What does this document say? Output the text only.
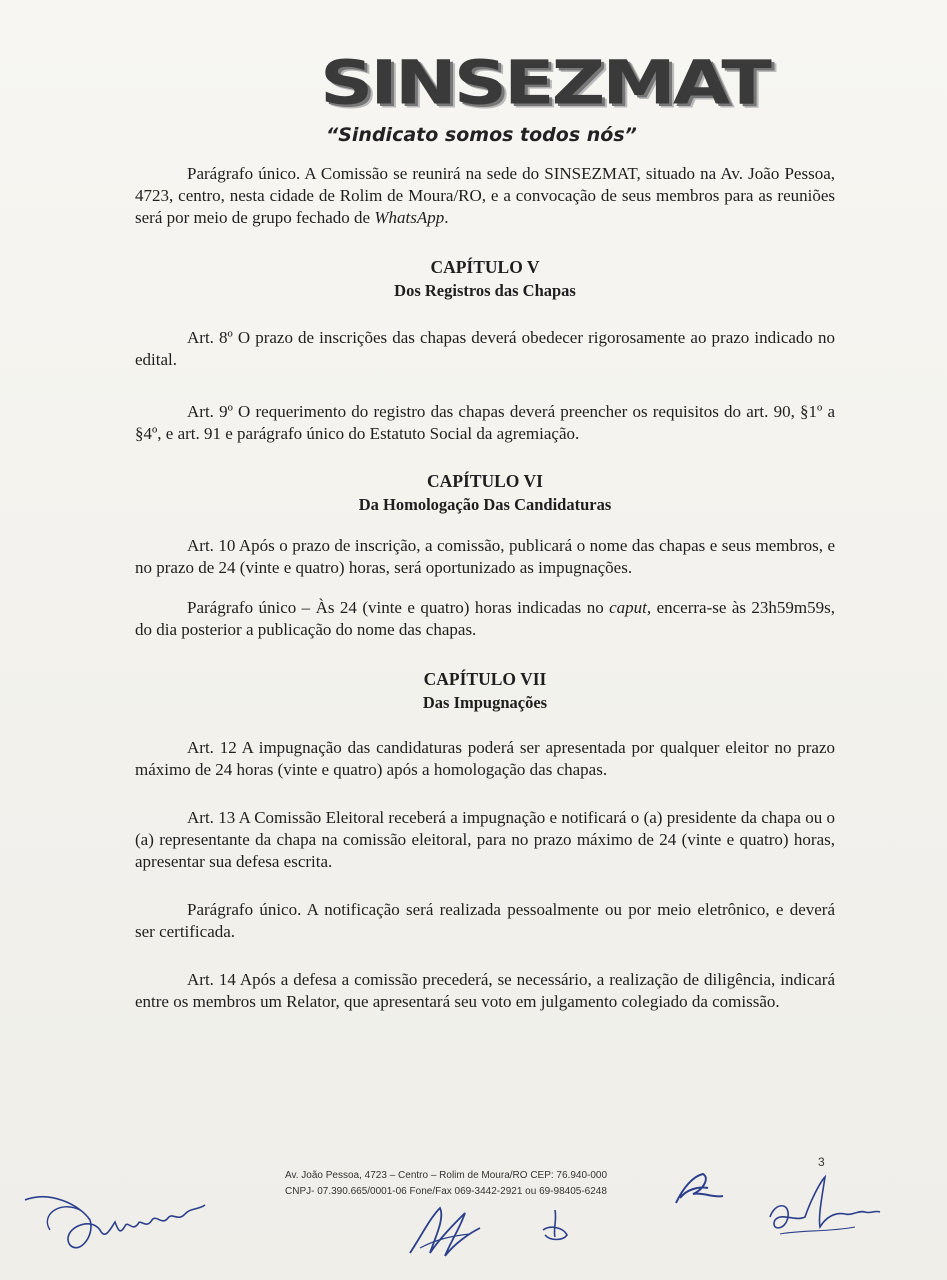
SINSEZMAT
“Sindicato somos todos nós”

Parágrafo único. A Comissão se reunirá na sede do SINSEZMAT, situado na Av. João Pessoa, 4723, centro, nesta cidade de Rolim de Moura/RO, e a convocação de seus membros para as reuniões será por meio de grupo fechado de WhatsApp.

CAPÍTULO V
Dos Registros das Chapas

Art. 8º O prazo de inscrições das chapas deverá obedecer rigorosamente ao prazo indicado no edital.

Art. 9º O requerimento do registro das chapas deverá preencher os requisitos do art. 90, §1º a §4º, e art. 91 e parágrafo único do Estatuto Social da agremiação.

CAPÍTULO VI
Da Homologação Das Candidaturas

Art. 10 Após o prazo de inscrição, a comissão, publicará o nome das chapas e seus membros, e no prazo de 24 (vinte e quatro) horas, será oportunizado as impugnações.

Parágrafo único – Às 24 (vinte e quatro) horas indicadas no caput, encerra-se às 23h59m59s, do dia posterior a publicação do nome das chapas.

CAPÍTULO VII
Das Impugnações

Art. 12 A impugnação das candidaturas poderá ser apresentada por qualquer eleitor no prazo máximo de 24 horas (vinte e quatro) após a homologação das chapas.

Art. 13 A Comissão Eleitoral receberá a impugnação e notificará o (a) presidente da chapa ou o (a) representante da chapa na comissão eleitoral, para no prazo máximo de 24 (vinte e quatro) horas, apresentar sua defesa escrita.

Parágrafo único. A notificação será realizada pessoalmente ou por meio eletrônico, e deverá ser certificada.

Art. 14 Após a defesa a comissão precederá, se necessário, a realização de diligência, indicará entre os membros um Relator, que apresentará seu voto em julgamento colegiado da comissão.

Av. João Pessoa, 4723 – Centro – Rolim de Moura/RO CEP: 76.940-000
CNPJ- 07.390.665/0001-06 Fone/Fax 069-3442-2921 ou 69-98405-6248
3
